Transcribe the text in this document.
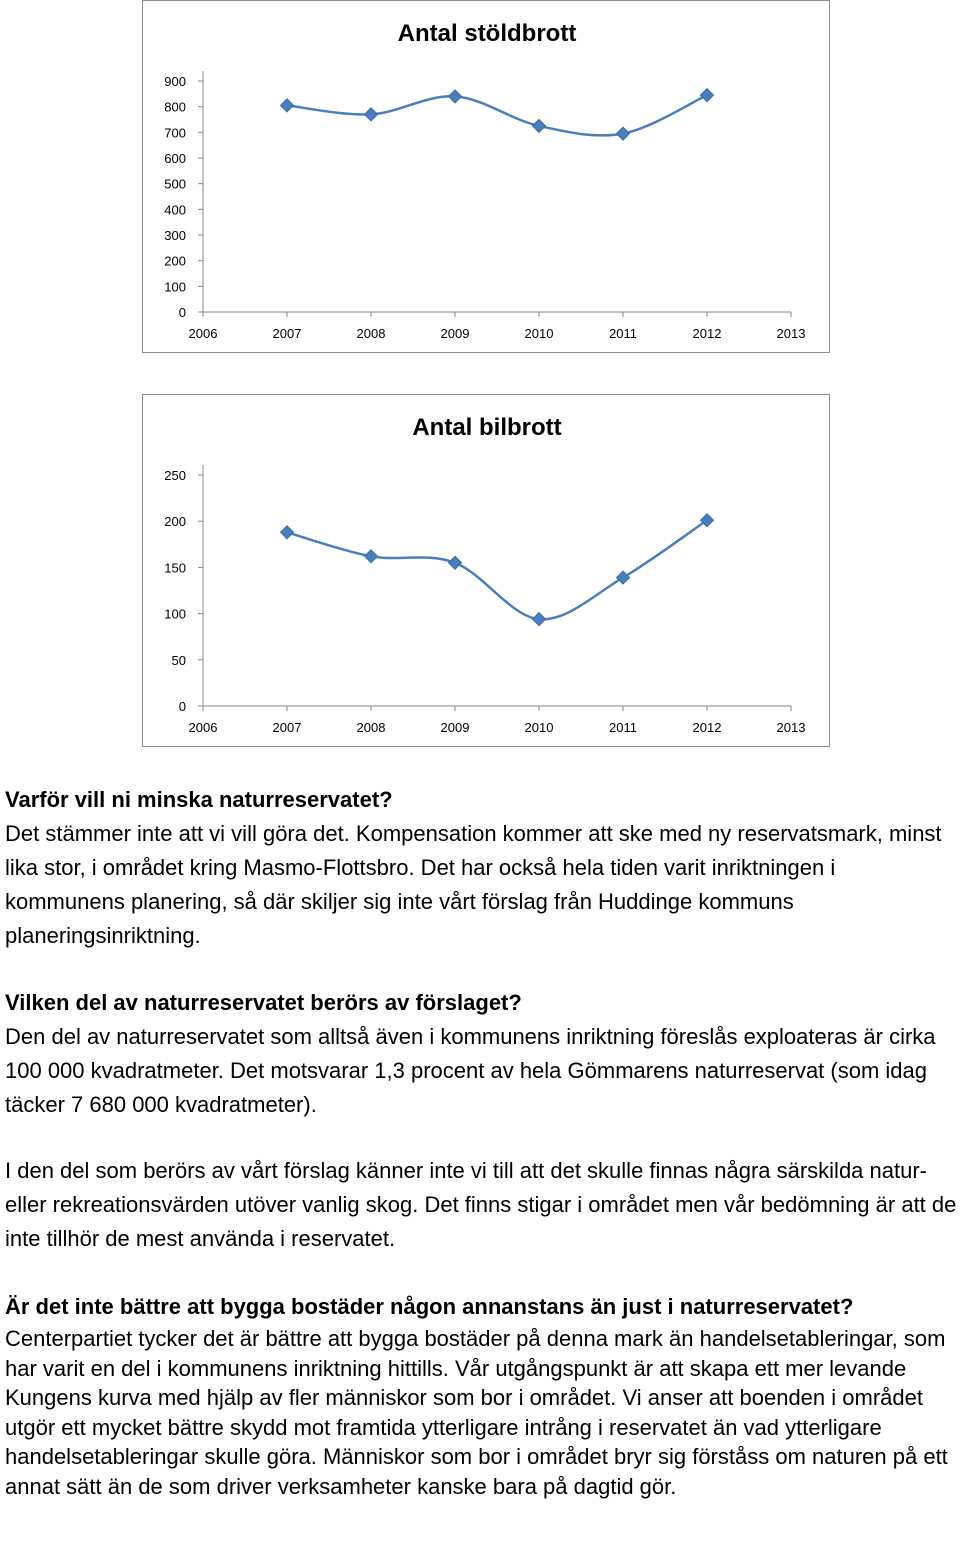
Antal stöldbrott
0
100
200
300
400
500
600
700
800
900
2006	2007	2008	2009	2010	2011	2012	2013
Antal bilbrott
0
50
100
150
200
250
2006	2007	2008	2009	2010	2011	2012	2013

Varför vill ni minska naturreservatet?

Det stämmer inte att vi vill göra det. Kompensation kommer att ske med ny reservatsmark, minst lika stor, i området kring Masmo-Flottsbro. Det har också hela tiden varit inriktningen i kommunens planering, så där skiljer sig inte vårt förslag från Huddinge kommuns planeringsinriktning.

Vilken del av naturreservatet berörs av förslaget?

Den del av naturreservatet som alltså även i kommunens inriktning föreslås exploateras är cirka 100 000 kvadratmeter. Det motsvarar 1,3 procent av hela Gömmarens naturreservat (som idag täcker 7 680 000 kvadratmeter).

I den del som berörs av vårt förslag känner inte vi till att det skulle finnas några särskilda natur- eller rekreationsvärden utöver vanlig skog. Det finns stigar i området men vår bedömning är att de inte tillhör de mest använda i reservatet.

Är det inte bättre att bygga bostäder någon annanstans än just i naturreservatet?

Centerpartiet tycker det är bättre att bygga bostäder på denna mark än handelsetableringar, som har varit en del i kommunens inriktning hittills. Vår utgångspunkt är att skapa ett mer levande Kungens kurva med hjälp av fler människor som bor i området. Vi anser att boenden i området utgör ett mycket bättre skydd mot framtida ytterligare intrång i reservatet än vad ytterligare handelsetableringar skulle göra. Människor som bor i området bryr sig förståss om naturen på ett annat sätt än de som driver verksamheter kanske bara på dagtid gör.
